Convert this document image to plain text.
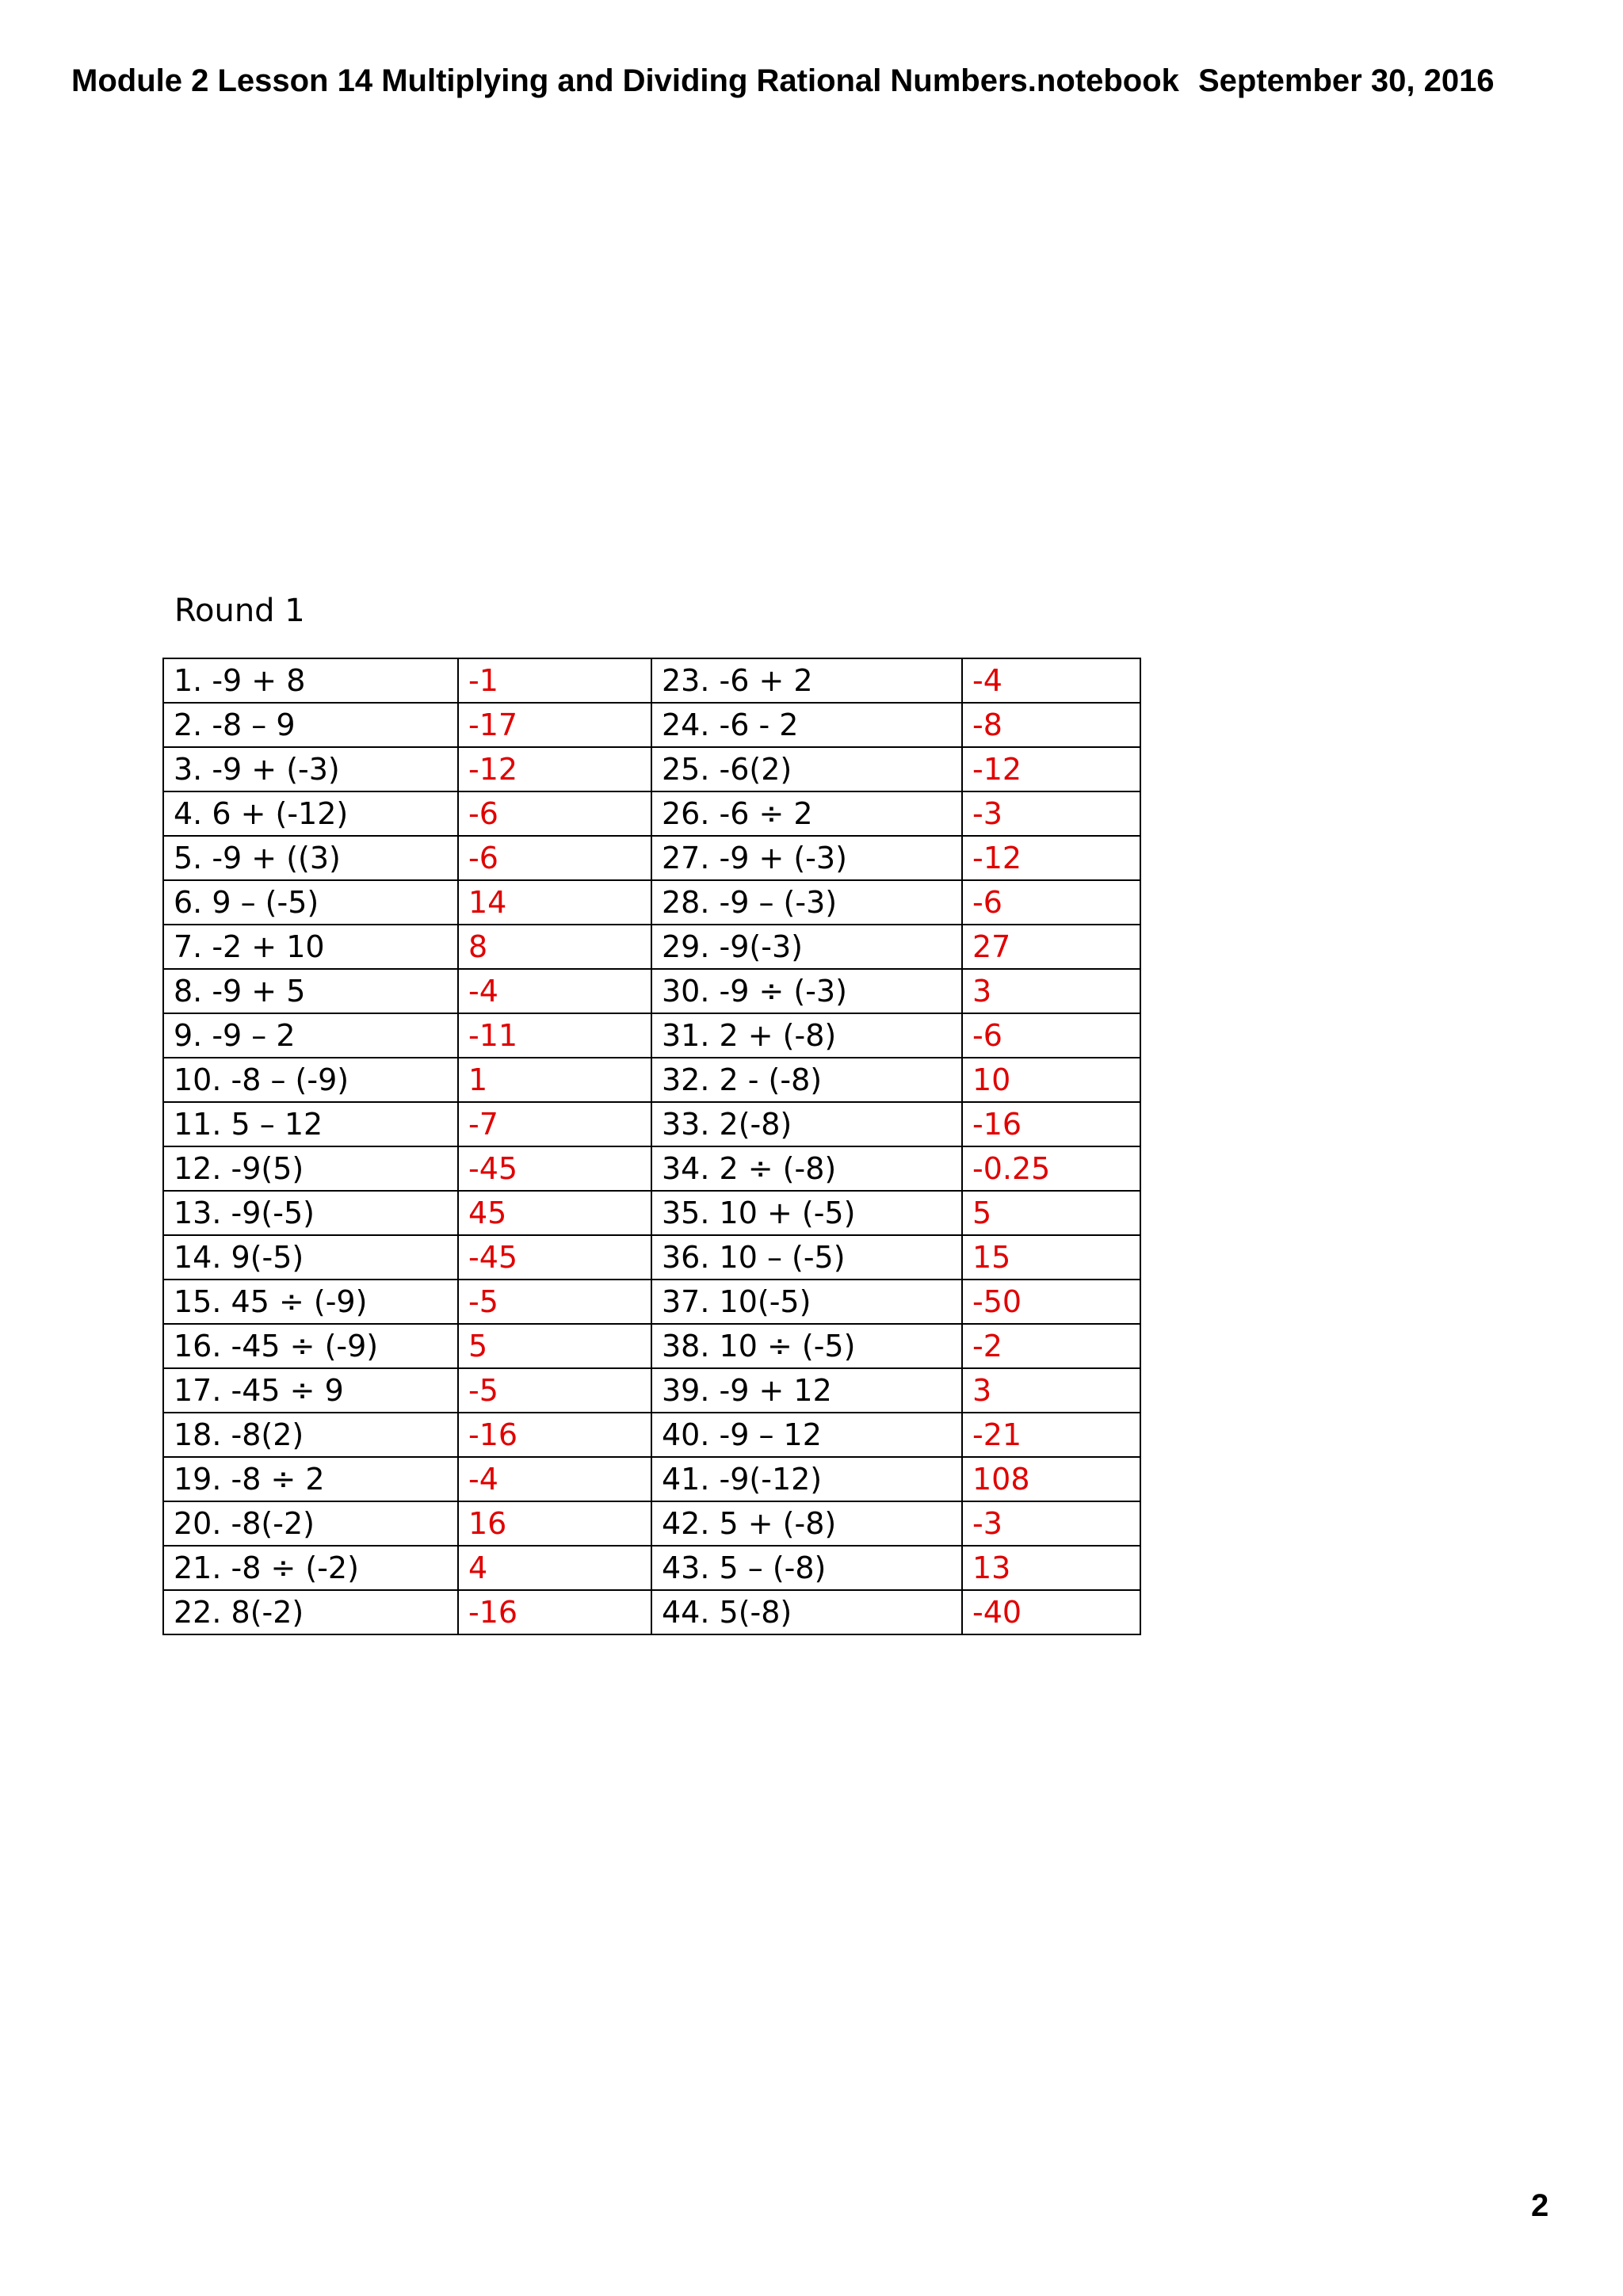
Module 2 Lesson 14 Multiplying and Dividing Rational Numbers.notebook September 30, 2016
Round 1
1. -9 + 8	-1	23. -6 + 2	-4
2. -8 – 9	-17	24. -6 - 2	-8
3. -9 + (-3)	-12	25. -6(2)	-12
4. 6 + (-12)	-6	26. -6 ÷ 2	-3
5. -9 + ((3)	-6	27. -9 + (-3)	-12
6. 9 – (-5)	14	28. -9 – (-3)	-6
7. -2 + 10	8	29. -9(-3)	27
8. -9 + 5	-4	30. -9 ÷ (-3)	3
9. -9 – 2	-11	31. 2 + (-8)	-6
10. -8 – (-9)	1	32. 2 - (-8)	10
11. 5 – 12	-7	33. 2(-8)	-16
12. -9(5)	-45	34. 2 ÷ (-8)	-0.25
13. -9(-5)	45	35. 10 + (-5)	5
14. 9(-5)	-45	36. 10 – (-5)	15
15. 45 ÷ (-9)	-5	37. 10(-5)	-50
16. -45 ÷ (-9)	5	38. 10 ÷ (-5)	-2
17. -45 ÷ 9	-5	39. -9 + 12	3
18. -8(2)	-16	40. -9 – 12	-21
19. -8 ÷ 2	-4	41. -9(-12)	108
20. -8(-2)	16	42. 5 + (-8)	-3
21. -8 ÷ (-2)	4	43. 5 – (-8)	13
22. 8(-2)	-16	44. 5(-8)	-40
2
